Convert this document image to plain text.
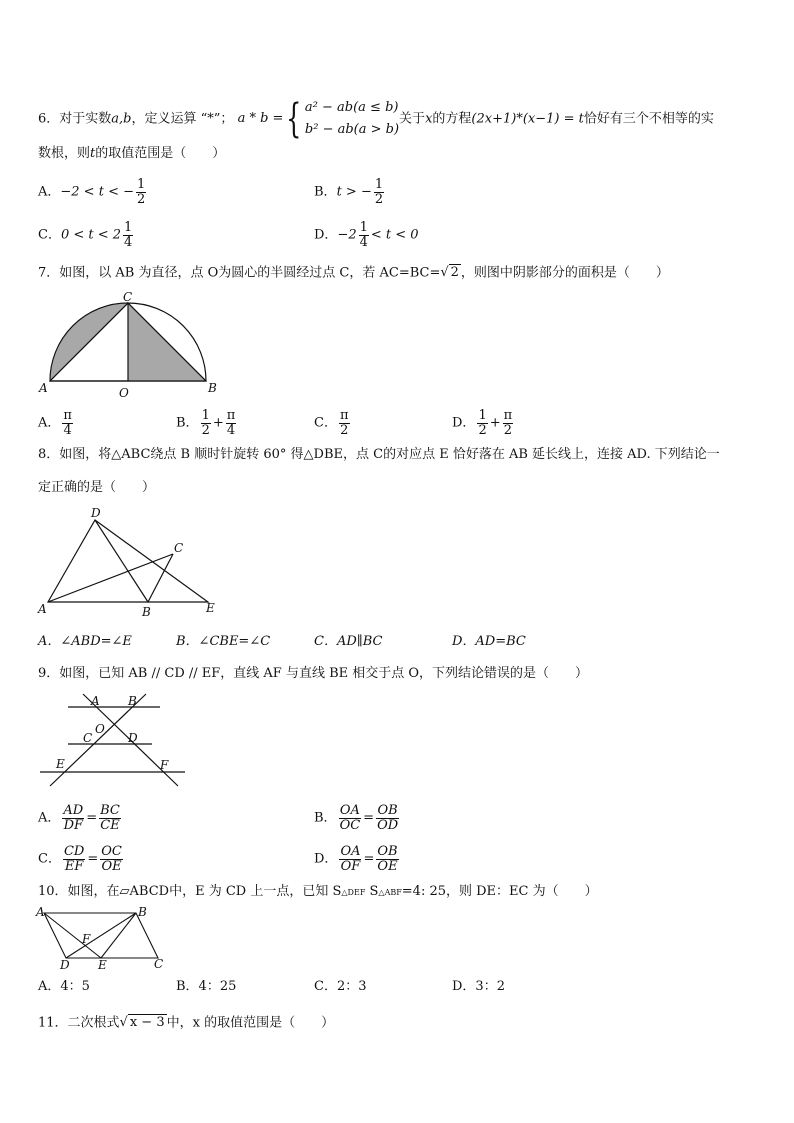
6．对于实数a,b，定义运算 “*”； a * b = { a² − ab(a ≤ b)
b² − ab(a > b)
关于x的方程(2x+1)*(x−1) = t恰好有三个不相等的实
数根，则t的取值范围是（　　）
A．−2 < t < − $\frac{1}{2}$	B．t > − $\frac{1}{2}$
C．$0 < t < 2 \frac{1}{4}$	D．$-2 \frac{1}{4} < t < 0$
7．如图，以 AB 为直径，点 O为圆心的半圆经过点 C，若 AC=BC=√ 2 ，则图中阴影部分的面积是（　　）
C
A	O	B
A． $\frac{\pi}{4}$	B． $\frac{1}{2} + \frac{\pi}{4}$	C． $\frac{\pi}{2}$	D． $\frac{1}{2} + \frac{\pi}{2}$
8．如图，将△ABC绕点 B 顺时针旋转 60° 得△DBE，点 C的对应点 E 恰好落在 AB 延长线上，连接 AD. 下列结论一
定正确的是（　　）
D
C
A	B	E
A．∠ABD=∠E	B．∠CBE=∠C	C．AD∥BC	D．AD=BC
9．如图，已知 AB // CD // EF，直线 AF 与直线 BE 相交于点 O，下列结论错误的是（　　）
A B
C
O
D
E	F
A． $\frac{AD}{DF} = \frac{BC}{CE}$	B． $\frac{OA}{OC} = \frac{OB}{OD}$
C． $\frac{CD}{EF} = \frac{OC}{OE}$	D． $\frac{OA}{OF} = \frac{OB}{OE}$
10．如图，在▱ABCD中，E 为 CD 上一点，已知 S△DEF S△ABF=4: 25，则 DE：EC 为（　　）
A	B
F
D E	C
A．4：5	B．4：25	C．2：3	D．3：2
11．二次根式√ x − 3 中，x 的取值范围是（　　）
